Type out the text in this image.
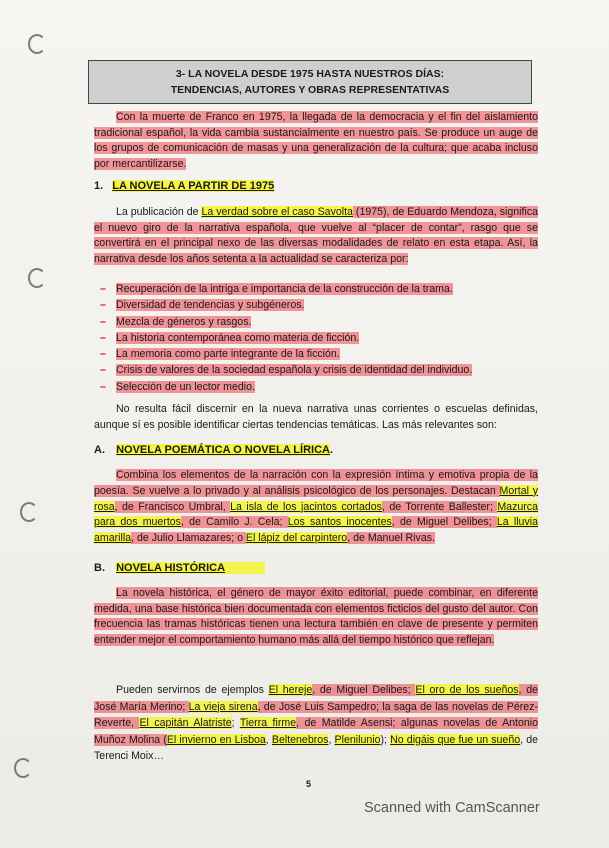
3- LA NOVELA DESDE 1975 HASTA NUESTROS DÍAS:
TENDENCIAS, AUTORES Y OBRAS REPRESENTATIVAS
Con la muerte de Franco en 1975, la llegada de la democracia y el fin del aislamiento tradicional español, la vida cambia sustancialmente en nuestro país. Se produce un auge de los grupos de comunicación de masas y una generalización de la cultura; que acaba incluso por mercantilizarse.
1. LA NOVELA A PARTIR DE 1975
La publicación de La verdad sobre el caso Savolta (1975), de Eduardo Mendoza, significa el nuevo giro de la narrativa española, que vuelve al “placer de contar”, rasgo que se convertirá en el principal nexo de las diversas modalidades de relato en esta etapa. Así, la narrativa desde los años setenta a la actualidad se caracteriza por:
– Recuperación de la intriga e importancia de la construcción de la trama.
– Diversidad de tendencias y subgéneros.
– Mezcla de géneros y rasgos.
– La historia contemporánea como materia de ficción.
– La memoria como parte integrante de la ficción.
– Crisis de valores de la sociedad española y crisis de identidad del individuo.
– Selección de un lector medio.
No resulta fácil discernir en la nueva narrativa unas corrientes o escuelas definidas, aunque sí es posible identificar ciertas tendencias temáticas. Las más relevantes son:
A. NOVELA POEMÁTICA O NOVELA LÍRICA.
Combina los elementos de la narración con la expresión íntima y emotiva propia de la poesía. Se vuelve a lo privado y al análisis psicológico de los personajes. Destacan Mortal y rosa, de Francisco Umbral, La isla de los jacintos cortados, de Torrente Ballester; Mazurca para dos muertos, de Camilo J. Cela; Los santos inocentes, de Miguel Delibes; La lluvia amarilla, de Julio Llamazares; o El lápiz del carpintero, de Manuel Rivas.
B. NOVELA HISTÓRICA
La novela histórica, el género de mayor éxito editorial, puede combinar, en diferente medida, una base histórica bien documentada con elementos ficticios del gusto del autor. Con frecuencia las tramas históricas tienen una lectura también en clave de presente y permiten entender mejor el comportamiento humano más allá del tiempo histórico que reflejan.
Pueden servirnos de ejemplos El hereje, de Miguel Delibes; El oro de los sueños, de José María Merino; La vieja sirena, de José Luis Sampedro; la saga de las novelas de Pérez-Reverte, El capitán Alatriste; Tierra firme, de Matilde Asensi; algunas novelas de Antonio Muñoz Molina (El invierno en Lisboa, Beltenebros, Plenilunio); No digáis que fue un sueño, de Terenci Moix…
5
Scanned with CamScanner
